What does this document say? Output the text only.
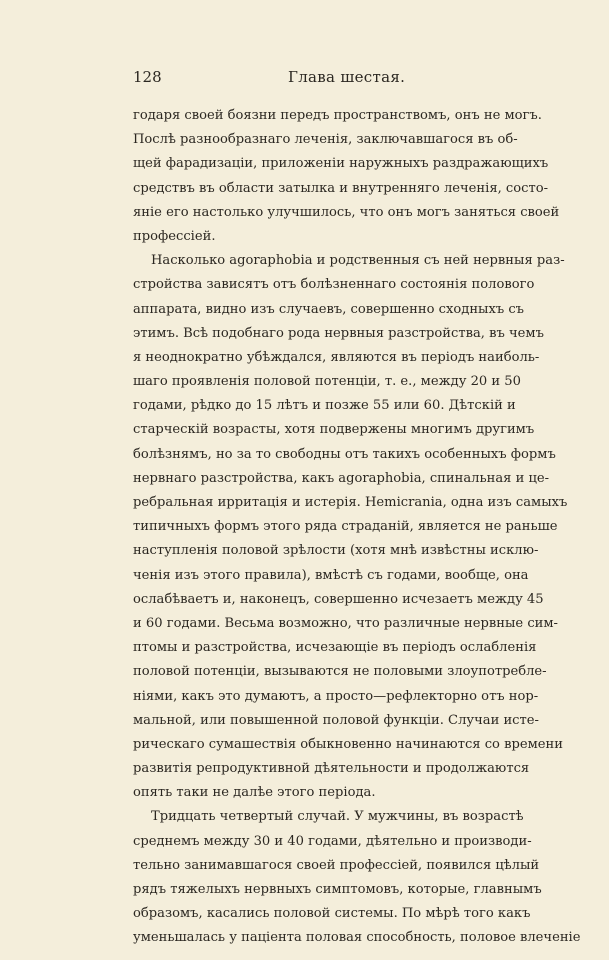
128	Глава шестая.
годаря своей боязни передъ пространствомъ, онъ не могъ.
Послѣ разнообразнаго леченія, заключавшагося въ об-
щей фарадизаціи, приложеніи наружныхъ раздражающихъ
средствъ въ области затылка и внутренняго леченія, состо-
яніе его настолько улучшилось, что онъ могъ заняться своей
профессіей.
Насколько agoraphobia и родственныя съ ней нервныя раз-
стройства зависятъ отъ болѣзненнаго состоянія полового
аппарата, видно изъ случаевъ, совершенно сходныхъ съ
этимъ. Всѣ подобнаго рода нервныя разстройства, въ чемъ
я неоднократно убѣждался, являются въ періодъ наиболь-
шаго проявленія половой потенціи, т. е., между 20 и 50
годами, рѣдко до 15 лѣтъ и позже 55 или 60. Дѣтскій и
старческій возрасты, хотя подвержены многимъ другимъ
болѣзнямъ, но за то свободны отъ такихъ особенныхъ формъ
нервнаго разстройства, какъ agoraphobia, спинальная и це-
ребральная ирритація и истерія. Hemicrania, одна изъ самыхъ
типичныхъ формъ этого ряда страданій, является не раньше
наступленія половой зрѣлости (хотя мнѣ извѣстны исклю-
ченія изъ этого правила), вмѣстѣ съ годами, вообще, она
ослабѣваетъ и, наконецъ, совершенно исчезаетъ между 45
и 60 годами. Весьма возможно, что различные нервные сим-
птомы и разстройства, исчезающіе въ періодъ ослабленія
половой потенціи, вызываются не половыми злоупотребле-
ніями, какъ это думаютъ, а просто—рефлекторно отъ нор-
мальной, или повышенной половой функціи. Случаи исте-
рическаго сумашествія обыкновенно начинаются со времени
развитія репродуктивной дѣятельности и продолжаются
опять таки не далѣе этого періода.
Тридцать четвертый случай. У мужчины, въ возрастѣ
среднемъ между 30 и 40 годами, дѣятельно и производи-
тельно занимавшагося своей профессіей, появился цѣлый
рядъ тяжелыхъ нервныхъ симптомовъ, которые, главнымъ
образомъ, касались половой системы. По мѣрѣ того какъ
уменьшалась у паціента половая способность, половое влеченіе
